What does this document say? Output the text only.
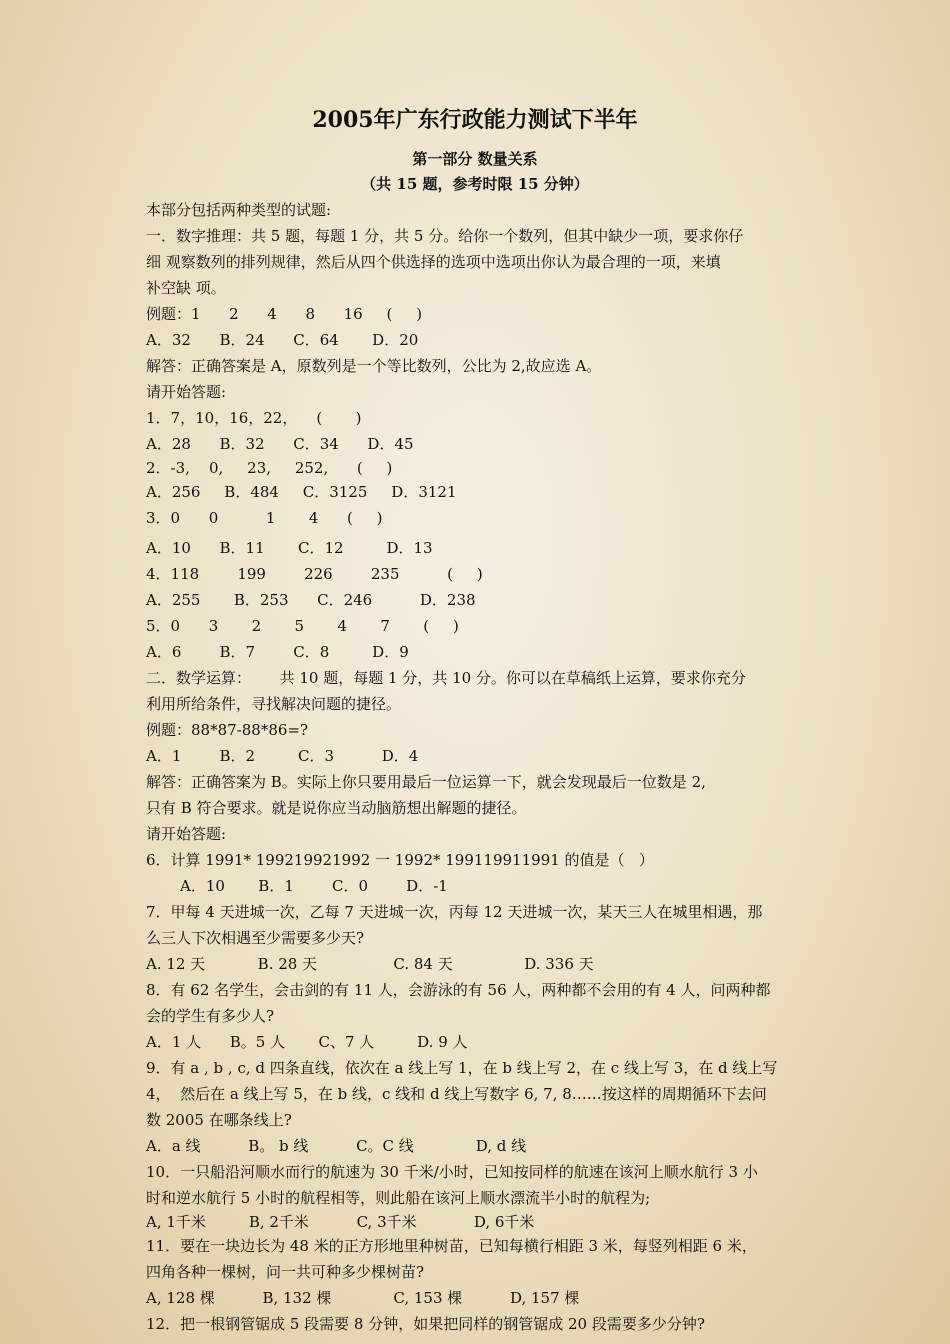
2005年广东行政能力测试下半年
第一部分 数量关系
（共 15 题，参考时限 15 分钟）
本部分包括两种类型的试题:
一．数字推理：共 5 题，每题 1 分，共 5 分。给你一个数列，但其中缺少一项，要求你仔
细 观察数列的排列规律，然后从四个供选择的选项中选项出你认为最合理的一项，来填
补空缺 项。
例题：1      2      4      8      16     (     )
A．32      B．24      C．64       D．20
解答：正确答案是 A，原数列是一个等比数列，公比为 2,故应选 A。
请开始答题:
1．7，10，16，22，    (       )
A．28      B．32      C．34      D．45
2．-3,    0,     23,     252,      (     )
A．256     B．484     C．3125     D．3121
3．0      0          1       4      (     )
A．10      B．11       C．12         D．13
4．118        199        226        235          (     )
A．255       B．253      C．246          D．238
5．0      3       2       5       4       7       (     )
A．6        B．7        C．8         D．9
二．数学运算：      共 10 题，每题 1 分，共 10 分。你可以在草稿纸上运算，要求你充分
利用所给条件，寻找解决问题的捷径。
例题：88*87-88*86=?
A．1        B．2         C．3          D．4
解答：正确答案为 B。实际上你只要用最后一位运算一下，就会发现最后一位数是 2,
只有 B 符合要求。就是说你应当动脑筋想出解题的捷径。
请开始答题:
6．计算 1991* 199219921992 一 1992* 199119911991 的值是（   ）
A．10       B．1        C．0        D．-1
7．甲每 4 天进城一次，乙每 7 天进城一次，丙每 12 天进城一次，某天三人在城里相遇，那
么三人下次相遇至少需要多少天?
A. 12 天           B. 28 天                C. 84 天               D. 336 天
8．有 62 名学生，会击剑的有 11 人，会游泳的有 56 人，两种都不会用的有 4 人，问两种都
会的学生有多少人?
A．1 人      B。5 人       C、7 人         D. 9 人
9．有 a , b , c, d 四条直线，依次在 a 线上写 1，在 b 线上写 2，在 c 线上写 3，在 d 线上写
4，  然后在 a 线上写 5，在 b 线，c 线和 d 线上写数字 6, 7, 8……按这样的周期循环下去问
数 2005 在哪条线上?
A．a 线          B。 b 线          C。C 线             D, d 线
10．一只船沿河顺水而行的航速为 30 千米/小时，已知按同样的航速在该河上顺水航行 3 小
时和逆水航行 5 小时的航程相等，则此船在该河上顺水漂流半小时的航程为;
A, 1千米         B, 2千米          C, 3千米            D, 6千米
11．要在一块边长为 48 米的正方形地里种树苗，已知每横行相距 3 米，每竖列相距 6 米，
四角各种一棵树，问一共可种多少棵树苗?
A, 128 棵          B, 132 棵             C, 153 棵          D, 157 棵
12．把一根钢管锯成 5 段需要 8 分钟，如果把同样的钢管锯成 20 段需要多少分钟?
